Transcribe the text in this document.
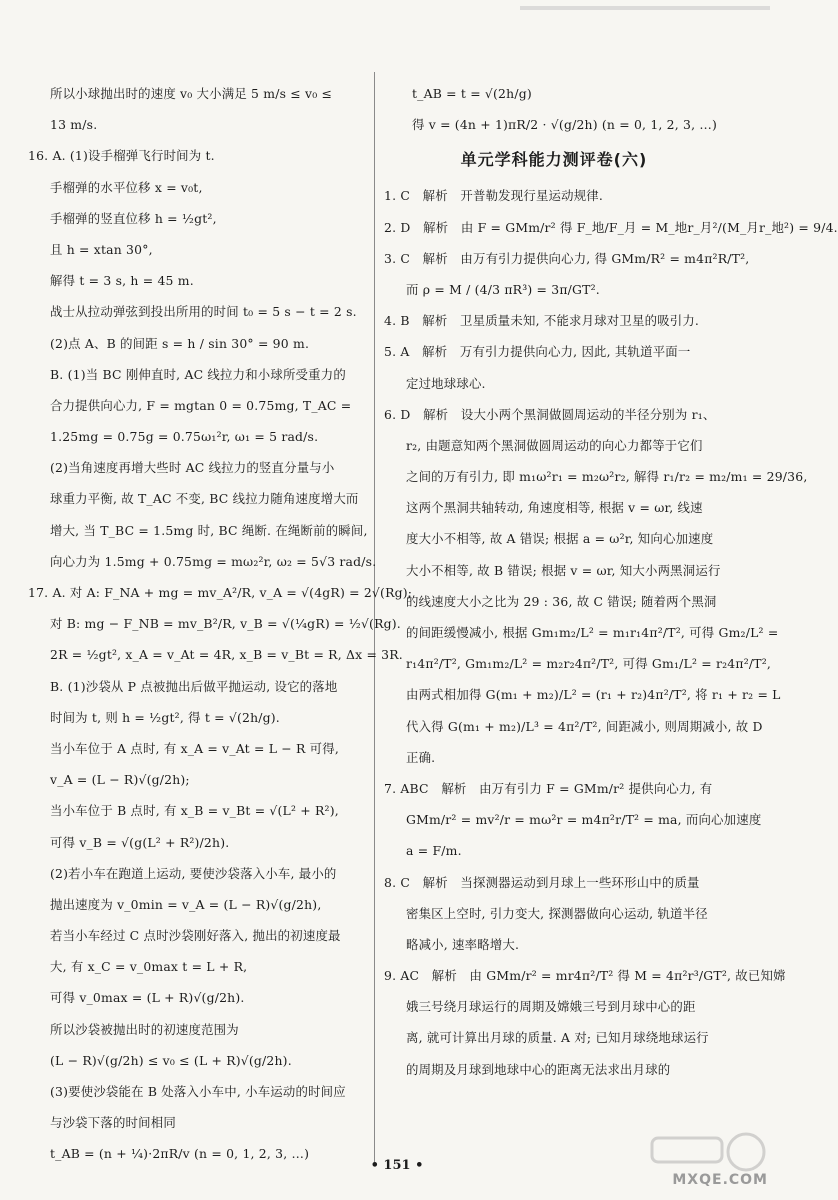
所以小球抛出时的速度 v₀ 大小满足 5 m/s ≤ v₀ ≤
13 m/s.
16. A. (1)设手榴弹飞行时间为 t.
手榴弹的水平位移 x = v₀t,
手榴弹的竖直位移 h = ½gt²,
且 h = xtan 30°,
解得 t = 3 s, h = 45 m.
战士从拉动弹弦到投出所用的时间 t₀ = 5 s − t = 2 s.
(2)点 A、B 的间距 s = h / sin 30° = 90 m.
B. (1)当 BC 刚伸直时, AC 线拉力和小球所受重力的
合力提供向心力, F = mgtan 0 = 0.75mg, T_AC =
1.25mg = 0.75g = 0.75ω₁²r, ω₁ = 5 rad/s.
(2)当角速度再增大些时 AC 线拉力的竖直分量与小
球重力平衡, 故 T_AC 不变, BC 线拉力随角速度增大而
增大, 当 T_BC = 1.5mg 时, BC 绳断. 在绳断前的瞬间,
向心力为 1.5mg + 0.75mg = mω₂²r, ω₂ = 5√3 rad/s.
17. A. 对 A: F_NA + mg = mv_A²/R, v_A = √(4gR) = 2√(Rg);
对 B: mg − F_NB = mv_B²/R, v_B = √(¼gR) = ½√(Rg).
2R = ½gt², x_A = v_At = 4R, x_B = v_Bt = R, Δx = 3R.
B. (1)沙袋从 P 点被抛出后做平抛运动, 设它的落地
时间为 t, 则 h = ½gt², 得 t = √(2h/g).
当小车位于 A 点时, 有 x_A = v_At = L − R 可得,
v_A = (L − R)√(g/2h);
当小车位于 B 点时, 有 x_B = v_Bt = √(L² + R²),
可得 v_B = √(g(L² + R²)/2h).
(2)若小车在跑道上运动, 要使沙袋落入小车, 最小的
抛出速度为 v_0min = v_A = (L − R)√(g/2h),
若当小车经过 C 点时沙袋刚好落入, 抛出的初速度最
大, 有 x_C = v_0max t = L + R,
可得 v_0max = (L + R)√(g/2h).
所以沙袋被抛出时的初速度范围为
(L − R)√(g/2h) ≤ v₀ ≤ (L + R)√(g/2h).
(3)要使沙袋能在 B 处落入小车中, 小车运动的时间应
与沙袋下落的时间相同
t_AB = (n + ¼)·2πR/v (n = 0, 1, 2, 3, …)
t_AB = t = √(2h/g)
得 v = (4n + 1)πR/2 · √(g/2h) (n = 0, 1, 2, 3, …)
单元学科能力测评卷(六)
1. C　解析　开普勒发现行星运动规律.
2. D　解析　由 F = GMm/r² 得 F_地/F_月 = M_地r_月²/(M_月r_地²) = 9/4.
3. C　解析　由万有引力提供向心力, 得 GMm/R² = m4π²R/T²,
而 ρ = M / (4/3 πR³) = 3π/GT².
4. B　解析　卫星质量未知, 不能求月球对卫星的吸引力.
5. A　解析　万有引力提供向心力, 因此, 其轨道平面一
定过地球球心.
6. D　解析　设大小两个黑洞做圆周运动的半径分别为 r₁、
r₂, 由题意知两个黑洞做圆周运动的向心力都等于它们
之间的万有引力, 即 m₁ω²r₁ = m₂ω²r₂, 解得 r₁/r₂ = m₂/m₁ = 29/36,
这两个黑洞共轴转动, 角速度相等, 根据 v = ωr, 线速
度大小不相等, 故 A 错误; 根据 a = ω²r, 知向心加速度
大小不相等, 故 B 错误; 根据 v = ωr, 知大小两黑洞运行
的线速度大小之比为 29 : 36, 故 C 错误; 随着两个黑洞
的间距缓慢减小, 根据 Gm₁m₂/L² = m₁r₁4π²/T², 可得 Gm₂/L² =
r₁4π²/T², Gm₁m₂/L² = m₂r₂4π²/T², 可得 Gm₁/L² = r₂4π²/T²,
由两式相加得 G(m₁ + m₂)/L² = (r₁ + r₂)4π²/T², 将 r₁ + r₂ = L
代入得 G(m₁ + m₂)/L³ = 4π²/T², 间距减小, 则周期减小, 故 D
正确.
7. ABC　解析　由万有引力 F = GMm/r² 提供向心力, 有
GMm/r² = mv²/r = mω²r = m4π²r/T² = ma, 而向心加速度
a = F/m.
8. C　解析　当探测器运动到月球上一些环形山中的质量
密集区上空时, 引力变大, 探测器做向心运动, 轨道半径
略减小, 速率略增大.
9. AC　解析　由 GMm/r² = mr4π²/T² 得 M = 4π²r³/GT², 故已知嫦
娥三号绕月球运行的周期及嫦娥三号到月球中心的距
离, 就可计算出月球的质量. A 对; 已知月球绕地球运行
的周期及月球到地球中心的距离无法求出月球的
• 151 •
MXQE.COM
